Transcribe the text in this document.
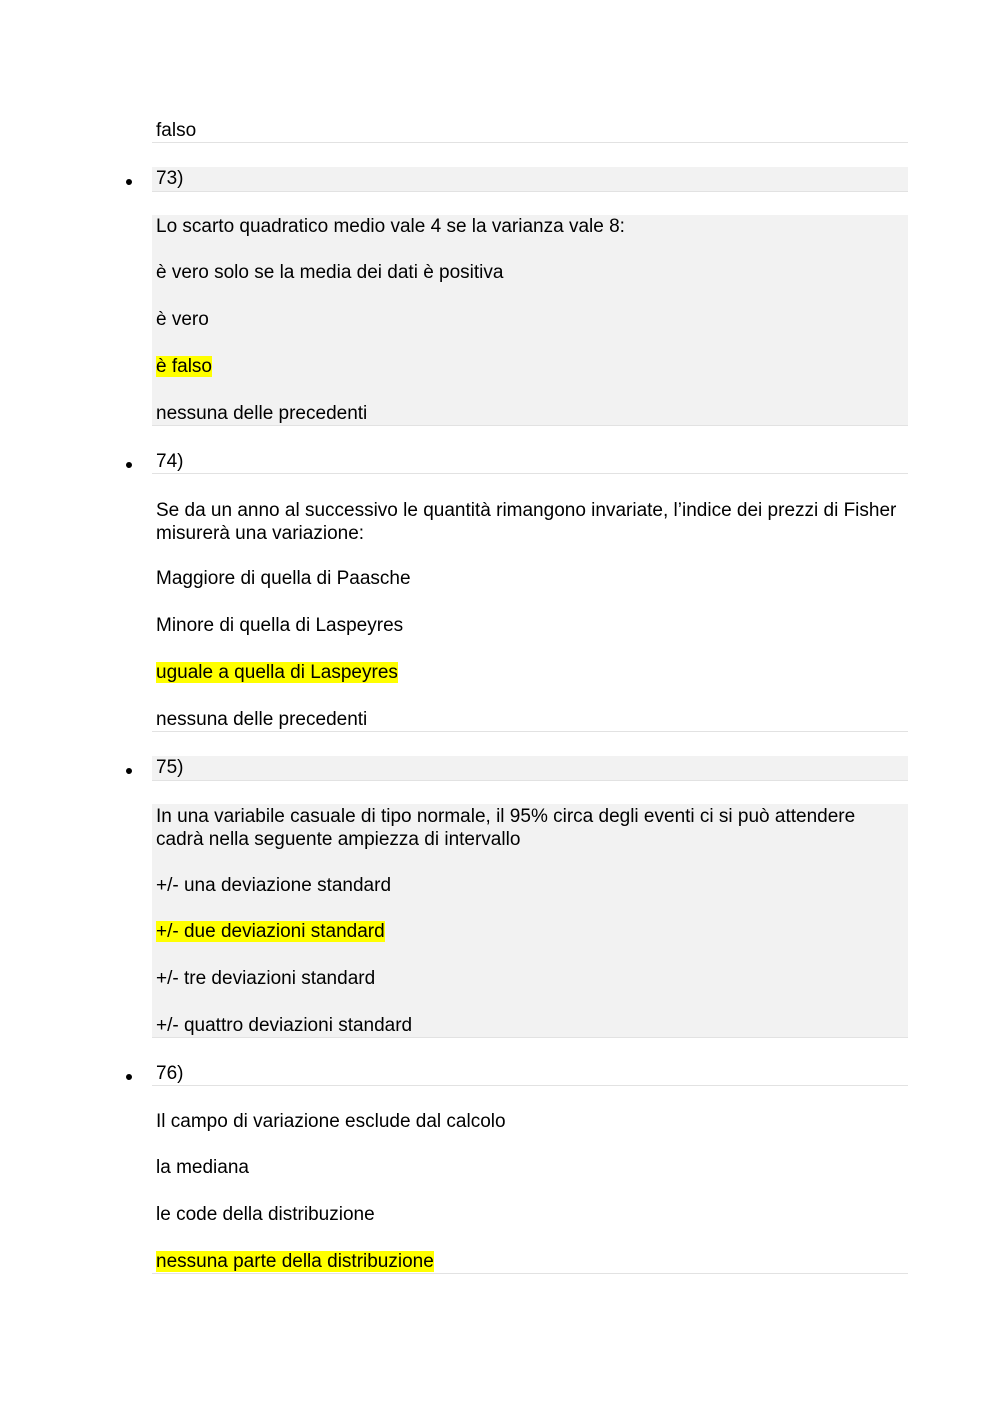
falso
73)
Lo scarto quadratico medio vale 4 se la varianza vale 8:
è vero solo se la media dei dati è positiva
è vero
è falso
nessuna delle precedenti
74)
Se da un anno al successivo le quantità rimangono invariate, l’indice dei prezzi di Fisher misurerà una variazione:
Maggiore di quella di Paasche
Minore di quella di Laspeyres
uguale a quella di Laspeyres
nessuna delle precedenti
75)
In una variabile casuale di tipo normale, il 95% circa degli eventi ci si può attendere cadrà nella seguente ampiezza di intervallo
+/- una deviazione standard
+/- due deviazioni standard
+/- tre deviazioni standard
+/- quattro deviazioni standard
76)
Il campo di variazione esclude dal calcolo
la mediana
le code della distribuzione
nessuna parte della distribuzione
